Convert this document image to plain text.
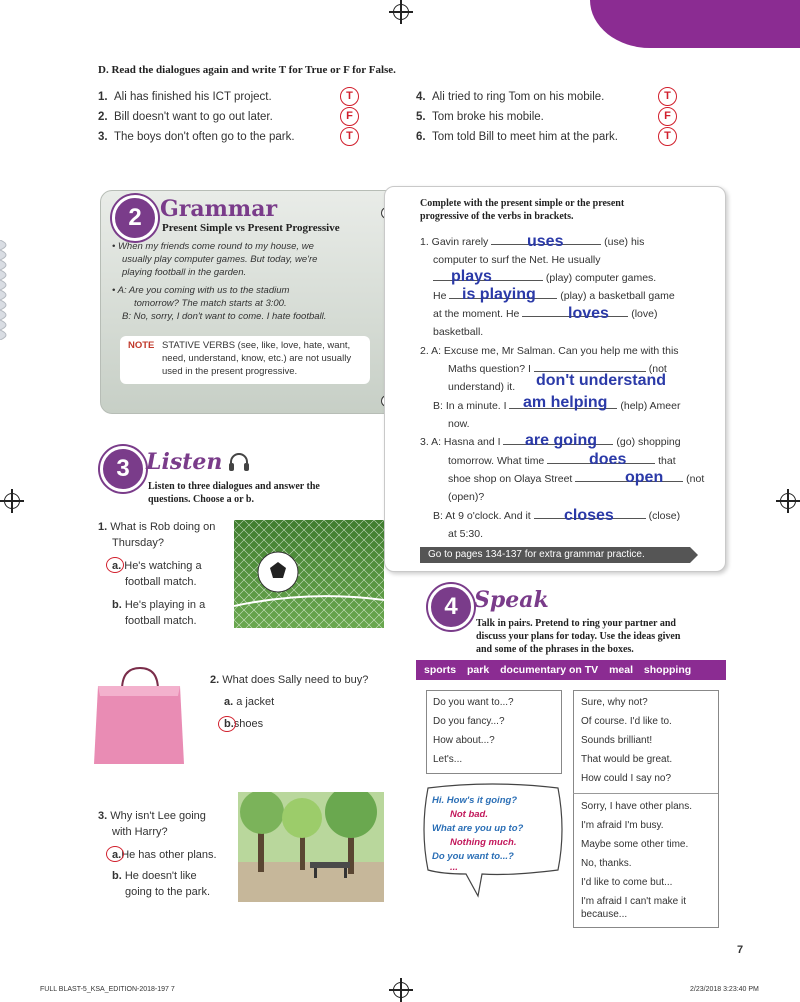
D. Read the dialogues again and write T for True or F for False.
1. Ali has finished his ICT project.	T
2. Bill doesn't want to go out later.	F
3. The boys don't often go to the park.	T
4. Ali tried to ring Tom on his mobile.	T
5. Tom broke his mobile.	F
6. Tom told Bill to meet him at the park.	T
2 Grammar
Present Simple vs Present Progressive
• When my friends come round to my house, we
usually play computer games. But today, we're
playing football in the garden.
• A: Are you coming with us to the stadium
tomorrow? The match starts at 3:00.
B: No, sorry, I don't want to come. I hate football.
NOTE STATIVE VERBS (see, like, love, hate, want,
need, understand, know, etc.) are not usually
used in the present progressive.
Complete with the present simple or the present
progressive of the verbs in brackets.
1. Gavin rarely	(use) his
computer to surf the Net. He usually
(play) computer games.
He	(play) a basketball game
at the moment. He	(love)
basketball.
2. A: Excuse me, Mr Salman. Can you help me with this
Maths question? I	(not
understand) it.
B: In a minute. I	(help) Ameer
now.
3. A: Hasna and I	(go) shopping
tomorrow. What time	that
shoe shop on Olaya Street	(not
(open)?
B: At 9 o'clock. And it	(close)
at 5:30.
uses
plays
is playing
loves
don't understand
am helping
are going
does
open
closes
Go to pages 134-137 for extra grammar practice.
3 Listen
Listen to three dialogues and answer the
questions. Choose a or b.
1. What is Rob doing on
Thursday?
a. He's watching a
football match.
b. He's playing in a
football match.
2. What does Sally need to buy?
a. a jacket
b.shoes
3. Why isn't Lee going
with Harry?
a.He has other plans.
b. He doesn't like
going to the park.
4 Speak
Talk in pairs. Pretend to ring your partner and
discuss your plans for today. Use the ideas given
and some of the phrases in the boxes.
sports park documentary on TV meal shopping
Do you want to...?
Do you fancy...?
How about...?
Let's...
Sure, why not?
Of course. I'd like to.
Sounds brilliant!
That would be great.
How could I say no?
Sorry, I have other plans.
I'm afraid I'm busy.
Maybe some other time.
No, thanks.
I'd like to come but...
I'm afraid I can't make it
because...
Hi. How's it going?
Not bad.
What are you up to?
Nothing much.
Do you want to...?
...
7
FULL BLAST-5_KSA_EDITION-2018-197 7	2/23/2018 3:23:40 PM
